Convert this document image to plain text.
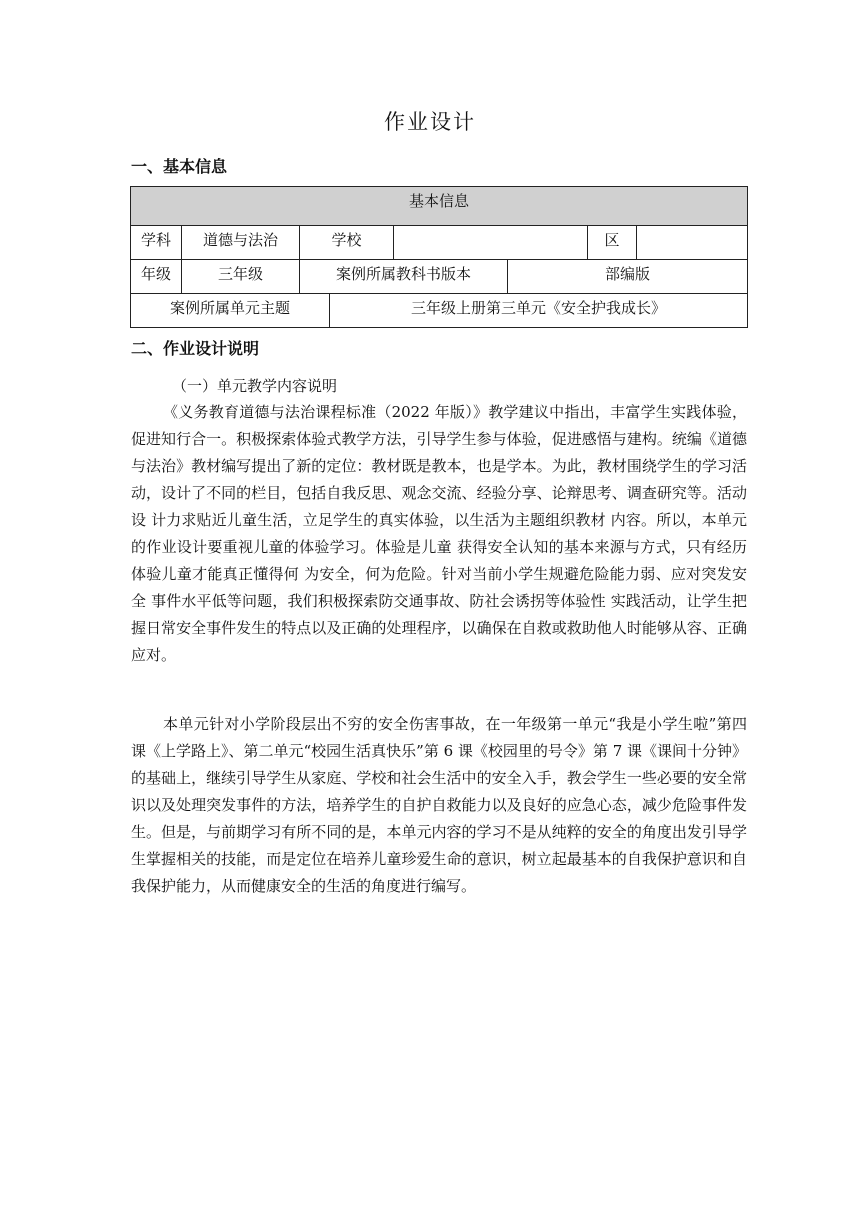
作业设计
一、基本信息
基本信息							
学科	道德与法治	学校				区	
年级	三年级	案例所属教科书版本			部编版		
案例所属单元主题			三年级上册第三单元《安全护我成长》				
二、作业设计说明
（一）单元教学内容说明

《义务教育道德与法治课程标准（2022 年版）》教学建议中指出，丰富学生实践体验，促进知行合一。积极探索体验式教学方法，引导学生参与体验，促进感悟与建构。统编《道德与法治》教材编写提出了新的定位：教材既是教本，也是学本。为此，教材围绕学生的学习活动，设计了不同的栏目，包括自我反思、观念交流、经验分享、论辩思考、调查研究等。活动设 计力求贴近儿童生活，立足学生的真实体验，以生活为主题组织教材 内容。所以，本单元的作业设计要重视儿童的体验学习。体验是儿童 获得安全认知的基本来源与方式，只有经历体验儿童才能真正懂得何 为安全，何为危险。针对当前小学生规避危险能力弱、应对突发安全 事件水平低等问题，我们积极探索防交通事故、防社会诱拐等体验性 实践活动，让学生把握日常安全事件发生的特点以及正确的处理程序，以确保在自救或救助他人时能够从容、正确应对。

本单元针对小学阶段层出不穷的安全伤害事故，在一年级第一单元“我是小学生啦”第四课《上学路上》、第二单元“校园生活真快乐”第 6 课《校园里的号令》第 7 课《课间十分钟》的基础上，继续引导学生从家庭、学校和社会生活中的安全入手，教会学生一些必要的安全常识以及处理突发事件的方法，培养学生的自护自救能力以及良好的应急心态，减少危险事件发生。但是，与前期学习有所不同的是，本单元内容的学习不是从纯粹的安全的角度出发引导学生掌握相关的技能，而是定位在培养儿童珍爱生命的意识，树立起最基本的自我保护意识和自我保护能力，从而健康安全的生活的角度进行编写。
